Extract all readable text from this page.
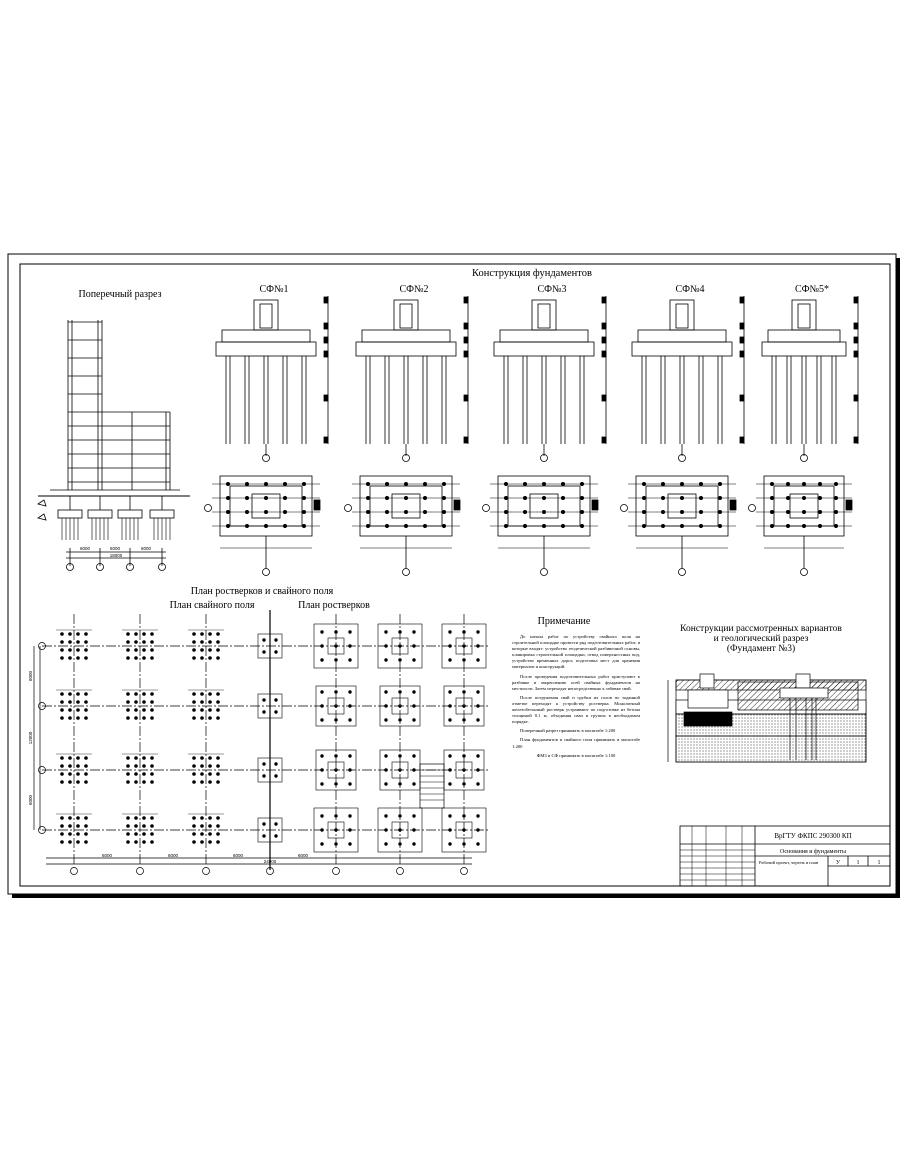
Конструкция фундаментов
Поперечный разрез
План ростверков и свайного поля
План свайного поля	План ростверков
Примечание
Конструкции рассмотренных вариантов
и геологический разрез
(Фундамент №3)
6000	6000	6000
18000
СФ№1	СФ№2	СФ№3	СФ№4	СФ№5*
6000	6000	6000	6000
24000
6000
12000
6000
ВрГТУ ФКПС 290300 КП
Основания и фундаменты
Рабочий проект, чертеж и план	У	1	1

До начала работ по устройству свайного поля на строительной площадке провести ряд подготовительных работ, в которые входят: устройство геодезической разбивочной основы, планировка строительной площадки, отвод поверхностных вод, устройство временных дорог, подготовка мест для хранения материалов и конструкций.

После проведения подготовительных работ приступают к разбивке и закреплению осей свайных фундаментов на местности. Затем переходят непосредственно к забивке свай.

После погружения свай и срубки их голов по заданной отметке переходят к устройству ростверка. Монолитный железобетонный ростверк устраивают по подготовке из бетона толщиной 0,1 м, объединяя сваи в группы в необходимом порядке.

Поперечный разрез принимать в масштабе 1:200

План фундаментов и свайного поля принимать в масштабе 1:200

ФМ3 и СФ принимать в масштабе 1:100
